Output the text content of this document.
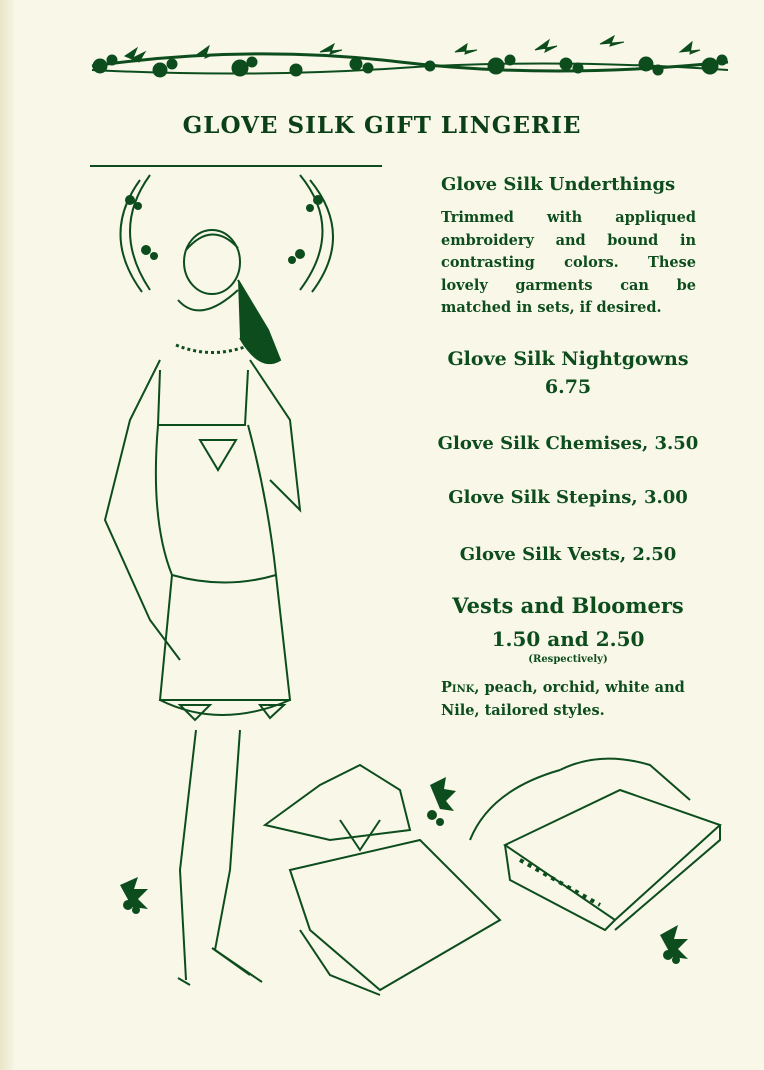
GLOVE SILK GIFT LINGERIE
Glove Silk Underthings
Trimmed with appliqued embroidery and bound in contrasting colors. These lovely garments can be matched in sets, if desired.
Glove Silk Nightgowns
6.75
Glove Silk Chemises, 3.50
Glove Silk Stepins, 3.00
Glove Silk Vests, 2.50
Vests and Bloomers
1.50 and 2.50
(Respectively)
Pink, peach, orchid, white and Nile, tailored styles.
